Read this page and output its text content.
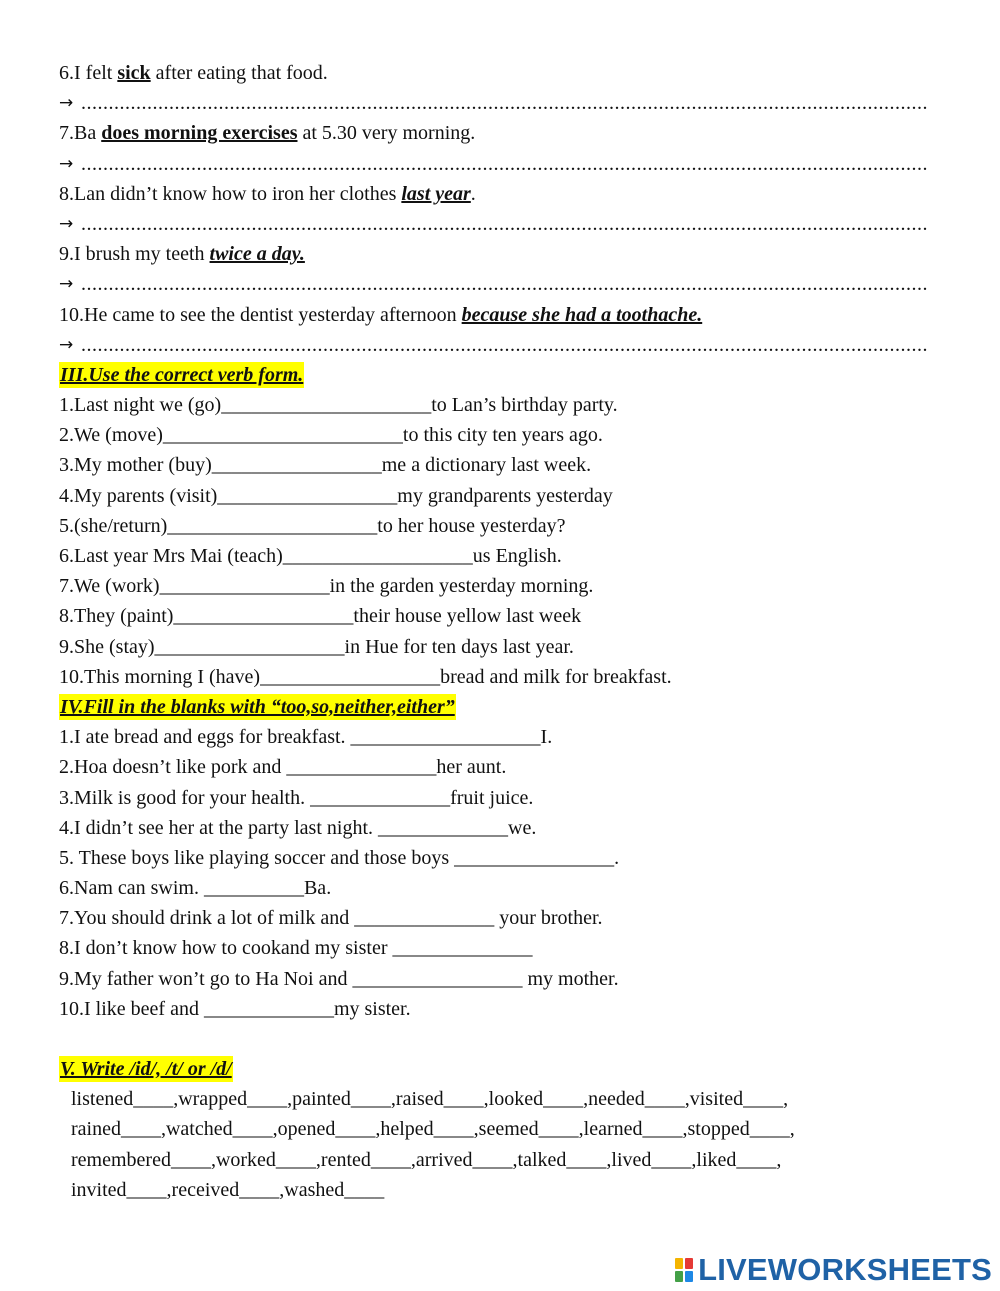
6.I felt sick after eating that food.
→
.....
7.Ba does morning exercises at 5.30 very morning.
→
.....
8.Lan didn’t know how to iron her clothes last year.
→
.....
9.I brush my teeth twice a day.
→
.....
10.He came to see the dentist yesterday afternoon because she had a toothache.
→
.....
III.Use the correct verb form.
1.Last night we (go)_____________________to Lan’s birthday party.
2.We (move)________________________to this city ten years ago.
3.My mother (buy)_________________me a dictionary last week.
4.My parents (visit)__________________my grandparents yesterday
5.(she/return)_____________________to her house yesterday?
6.Last year Mrs Mai (teach)___________________us English.
7.We (work)_________________in the garden yesterday morning.
8.They (paint)__________________their house yellow last week
9.She (stay)___________________in Hue for ten days last year.
10.This morning I (have)__________________bread and milk for breakfast.
IV.Fill in the blanks with “too,so,neither,either”
1.I ate bread and eggs for breakfast. ___________________I.
2.Hoa doesn’t like pork and _______________her aunt.
3.Milk is good for your health. ______________fruit juice.
4.I didn’t see her at the party last night. _____________we.
5. These boys like playing soccer and those boys ________________.
6.Nam can swim. __________Ba.
7.You should drink a lot of milk and ______________ your brother.
8.I don’t know how to cookand my sister ______________
9.My father won’t go to Ha Noi and _________________ my mother.
10.I like beef and _____________my sister.
V. Write /id/, /t/ or /d/
listened____,wrapped____,painted____,raised____,looked____,needed____,visited____,
rained____,watched____,opened____,helped____,seemed____,learned____,stopped____,
remembered____,worked____,rented____,arrived____,talked____,lived____,liked____,
invited____,received____,washed____
LIVEWORKSHEETS
